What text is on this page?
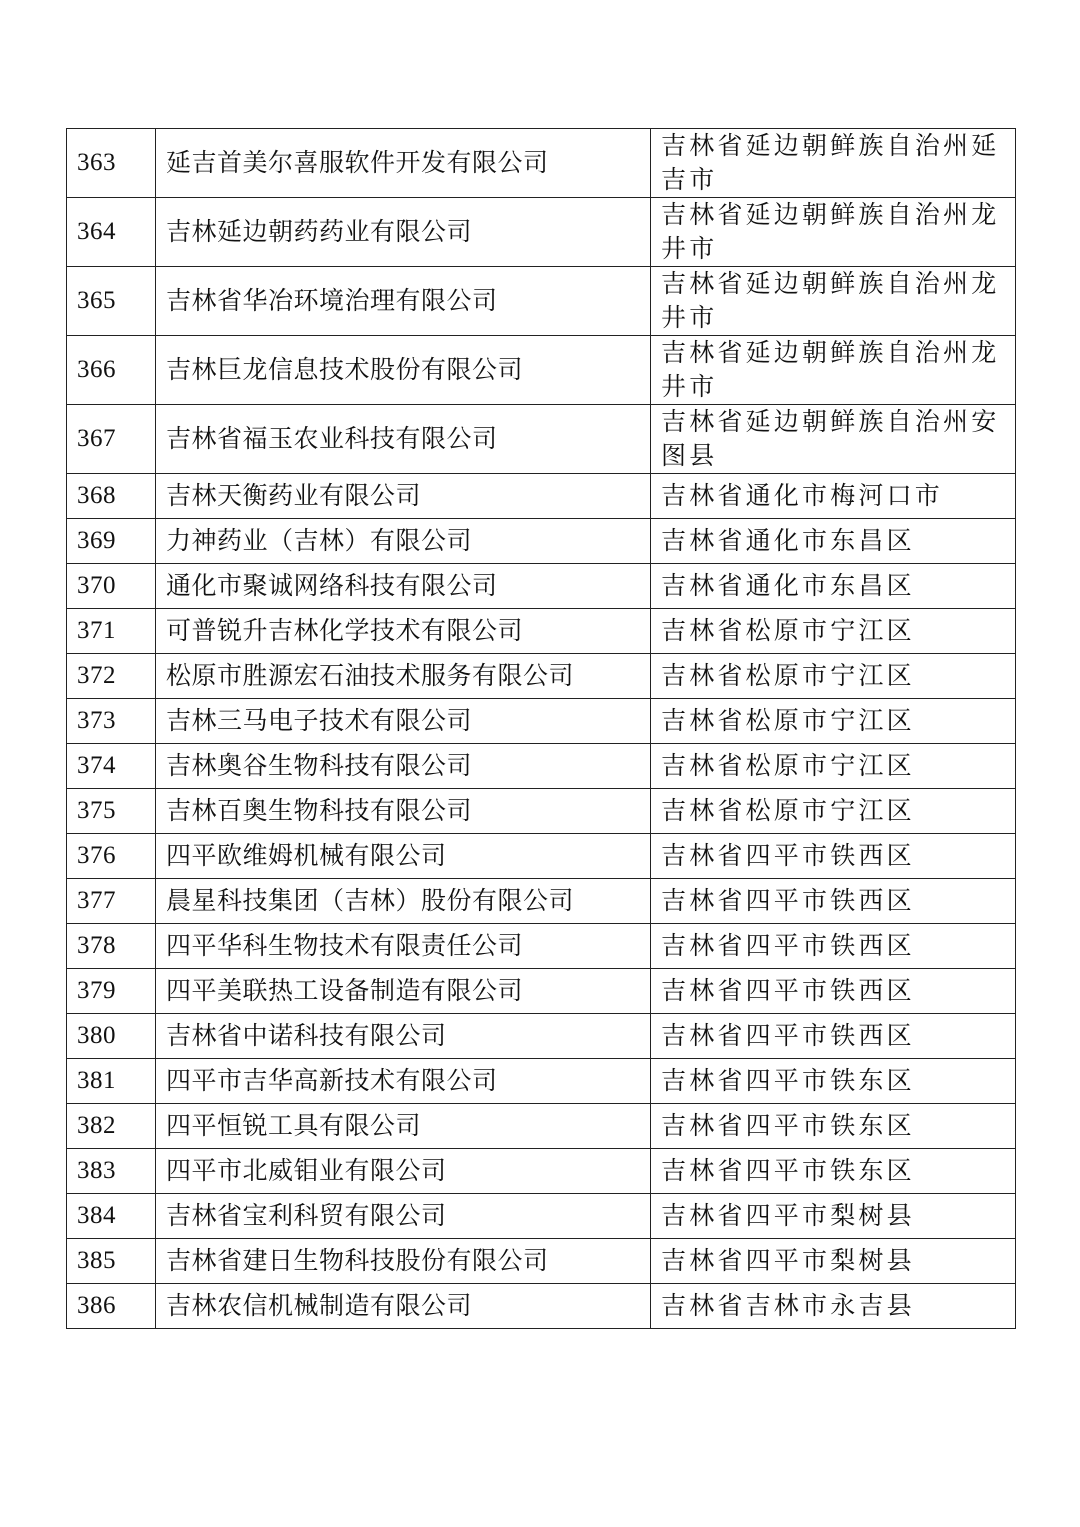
363	延吉首美尔喜服软件开发有限公司	吉林省延边朝鲜族自治州延吉市
364	吉林延边朝药药业有限公司	吉林省延边朝鲜族自治州龙井市
365	吉林省华冶环境治理有限公司	吉林省延边朝鲜族自治州龙井市
366	吉林巨龙信息技术股份有限公司	吉林省延边朝鲜族自治州龙井市
367	吉林省福玉农业科技有限公司	吉林省延边朝鲜族自治州安图县
368	吉林天衡药业有限公司	吉林省通化市梅河口市
369	力神药业（吉林）有限公司	吉林省通化市东昌区
370	通化市聚诚网络科技有限公司	吉林省通化市东昌区
371	可普锐升吉林化学技术有限公司	吉林省松原市宁江区
372	松原市胜源宏石油技术服务有限公司	吉林省松原市宁江区
373	吉林三马电子技术有限公司	吉林省松原市宁江区
374	吉林奥谷生物科技有限公司	吉林省松原市宁江区
375	吉林百奥生物科技有限公司	吉林省松原市宁江区
376	四平欧维姆机械有限公司	吉林省四平市铁西区
377	晨星科技集团（吉林）股份有限公司	吉林省四平市铁西区
378	四平华科生物技术有限责任公司	吉林省四平市铁西区
379	四平美联热工设备制造有限公司	吉林省四平市铁西区
380	吉林省中诺科技有限公司	吉林省四平市铁西区
381	四平市吉华高新技术有限公司	吉林省四平市铁东区
382	四平恒锐工具有限公司	吉林省四平市铁东区
383	四平市北威钼业有限公司	吉林省四平市铁东区
384	吉林省宝利科贸有限公司	吉林省四平市梨树县
385	吉林省建日生物科技股份有限公司	吉林省四平市梨树县
386	吉林农信机械制造有限公司	吉林省吉林市永吉县
